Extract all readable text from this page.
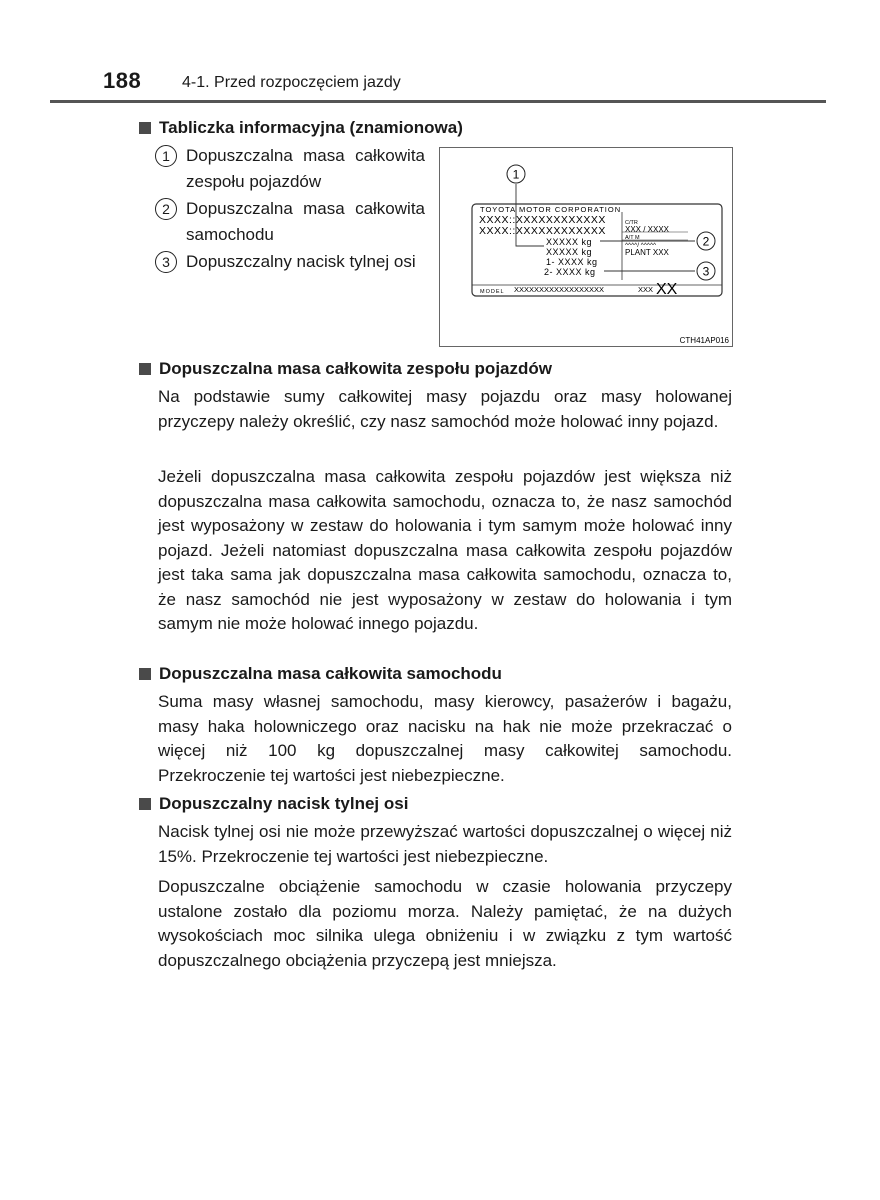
188	4-1. Przed rozpoczęciem jazdy
Tabliczka informacyjna (znamionowa)
1 Dopuszczalna masa całkowita zespołu pojazdów
2 Dopuszczalna masa całkowita samochodu
3 Dopuszczalny nacisk tylnej osi
TOYOTA MOTOR CORPORATION
XXXX::XXXXXXXXXXXX
XXXX::XXXXXXXXXXXX
C/TR
XXX / XXXX
A/T M
^^^^/ ^^^^^
PLANT XXX
XXXXX kg
XXXXX kg
1- XXXX kg
2- XXXX kg
MODEL XXXXXXXXXXXXXXXXXX	XXX XX
1
2
3
CTH41AP016
Dopuszczalna masa całkowita zespołu pojazdów

Na podstawie sumy całkowitej masy pojazdu oraz masy holowanej przyczepy należy określić, czy nasz samochód może holować inny pojazd.

Jeżeli dopuszczalna masa całkowita zespołu pojazdów jest większa niż dopuszczalna masa całkowita samochodu, oznacza to, że nasz samochód jest wyposażony w zestaw do holowania i tym samym może holować inny pojazd. Jeżeli natomiast dopuszczalna masa całkowita zespołu pojazdów jest taka sama jak dopuszczalna masa całkowita samochodu, oznacza to, że nasz samochód nie jest wyposażony w zestaw do holowania i tym samym nie może holować innego pojazdu.

Dopuszczalna masa całkowita samochodu

Suma masy własnej samochodu, masy kierowcy, pasażerów i bagażu, masy haka holowniczego oraz nacisku na hak nie może przekraczać o więcej niż 100 kg dopuszczalnej masy całkowitej samochodu. Przekroczenie tej wartości jest niebezpieczne.

Dopuszczalny nacisk tylnej osi

Nacisk tylnej osi nie może przewyższać wartości dopuszczalnej o więcej niż 15%. Przekroczenie tej wartości jest niebezpieczne.

Dopuszczalne obciążenie samochodu w czasie holowania przyczepy ustalone zostało dla poziomu morza. Należy pamiętać, że na dużych wysokościach moc silnika ulega obniżeniu i w związku z tym wartość dopuszczalnego obciążenia przyczepą jest mniejsza.
